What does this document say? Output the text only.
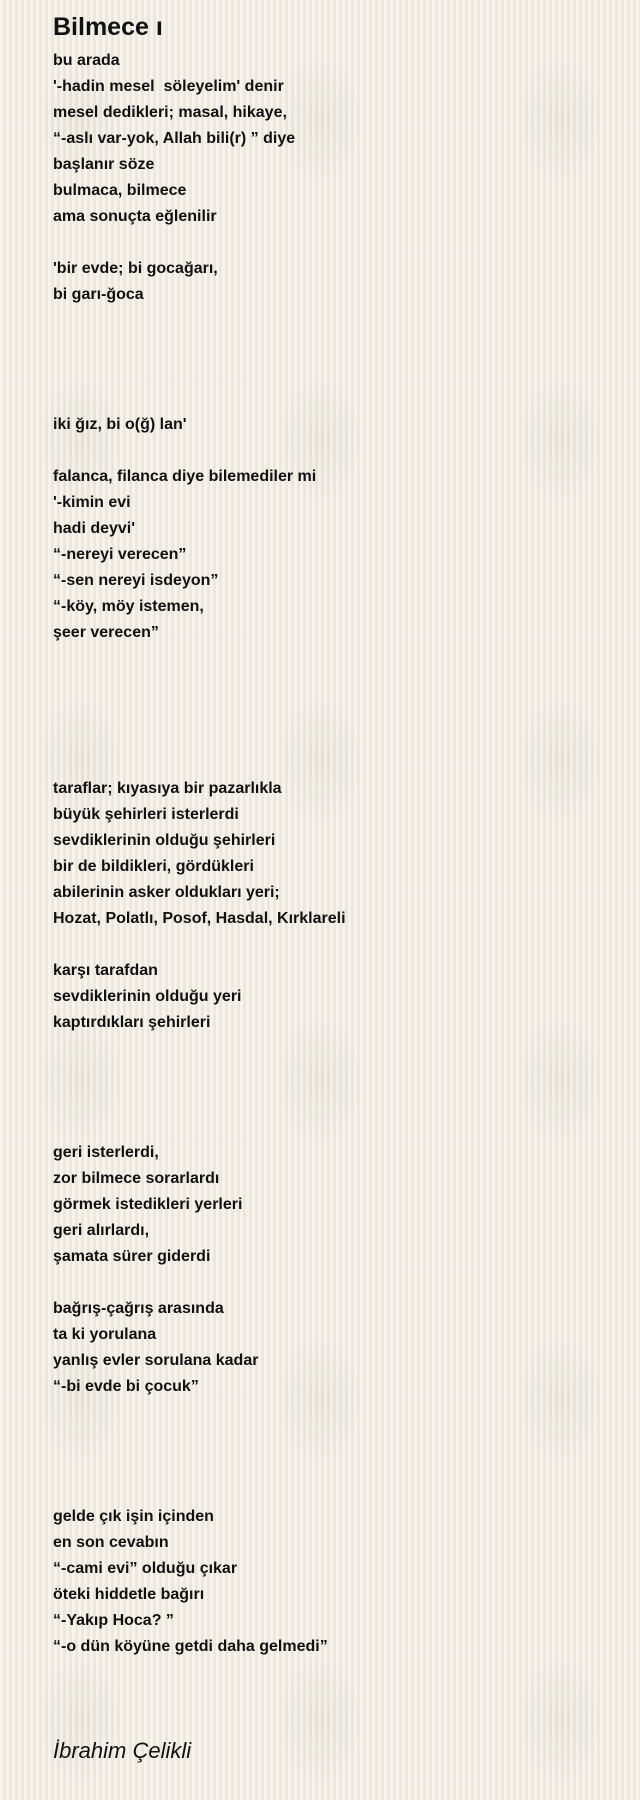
Bilmece ı
bu arada
'-hadin mesel  söleyelim' denir
mesel dedikleri; masal, hikaye,
“-aslı var-yok, Allah bili(r) ” diye
başlanır söze
bulmaca, bilmece
ama sonuçta eğlenilir
'bir evde; bi gocağarı,
bi garı-ğoca
iki ğız, bi o(ğ) lan'
falanca, filanca diye bilemediler mi
'-kimin evi
hadi deyvi'
“-nereyi verecen”
“-sen nereyi isdeyon”
“-köy, möy istemen,
şeer verecen”
taraflar; kıyasıya bir pazarlıkla
büyük şehirleri isterlerdi
sevdiklerinin olduğu şehirleri
bir de bildikleri, gördükleri
abilerinin asker oldukları yeri;
Hozat, Polatlı, Posof, Hasdal, Kırklareli
karşı tarafdan
sevdiklerinin olduğu yeri
kaptırdıkları şehirleri
geri isterlerdi,
zor bilmece sorarlardı
görmek istedikleri yerleri
geri alırlardı,
şamata sürer giderdi
bağrış-çağrış arasında
ta ki yorulana
yanlış evler sorulana kadar
“-bi evde bi çocuk”
gelde çık işin içinden
en son cevabın
“-cami evi” olduğu çıkar
öteki hiddetle bağırı
“-Yakıp Hoca? ”
“-o dün köyüne getdi daha gelmedi”
İbrahim Çelikli
